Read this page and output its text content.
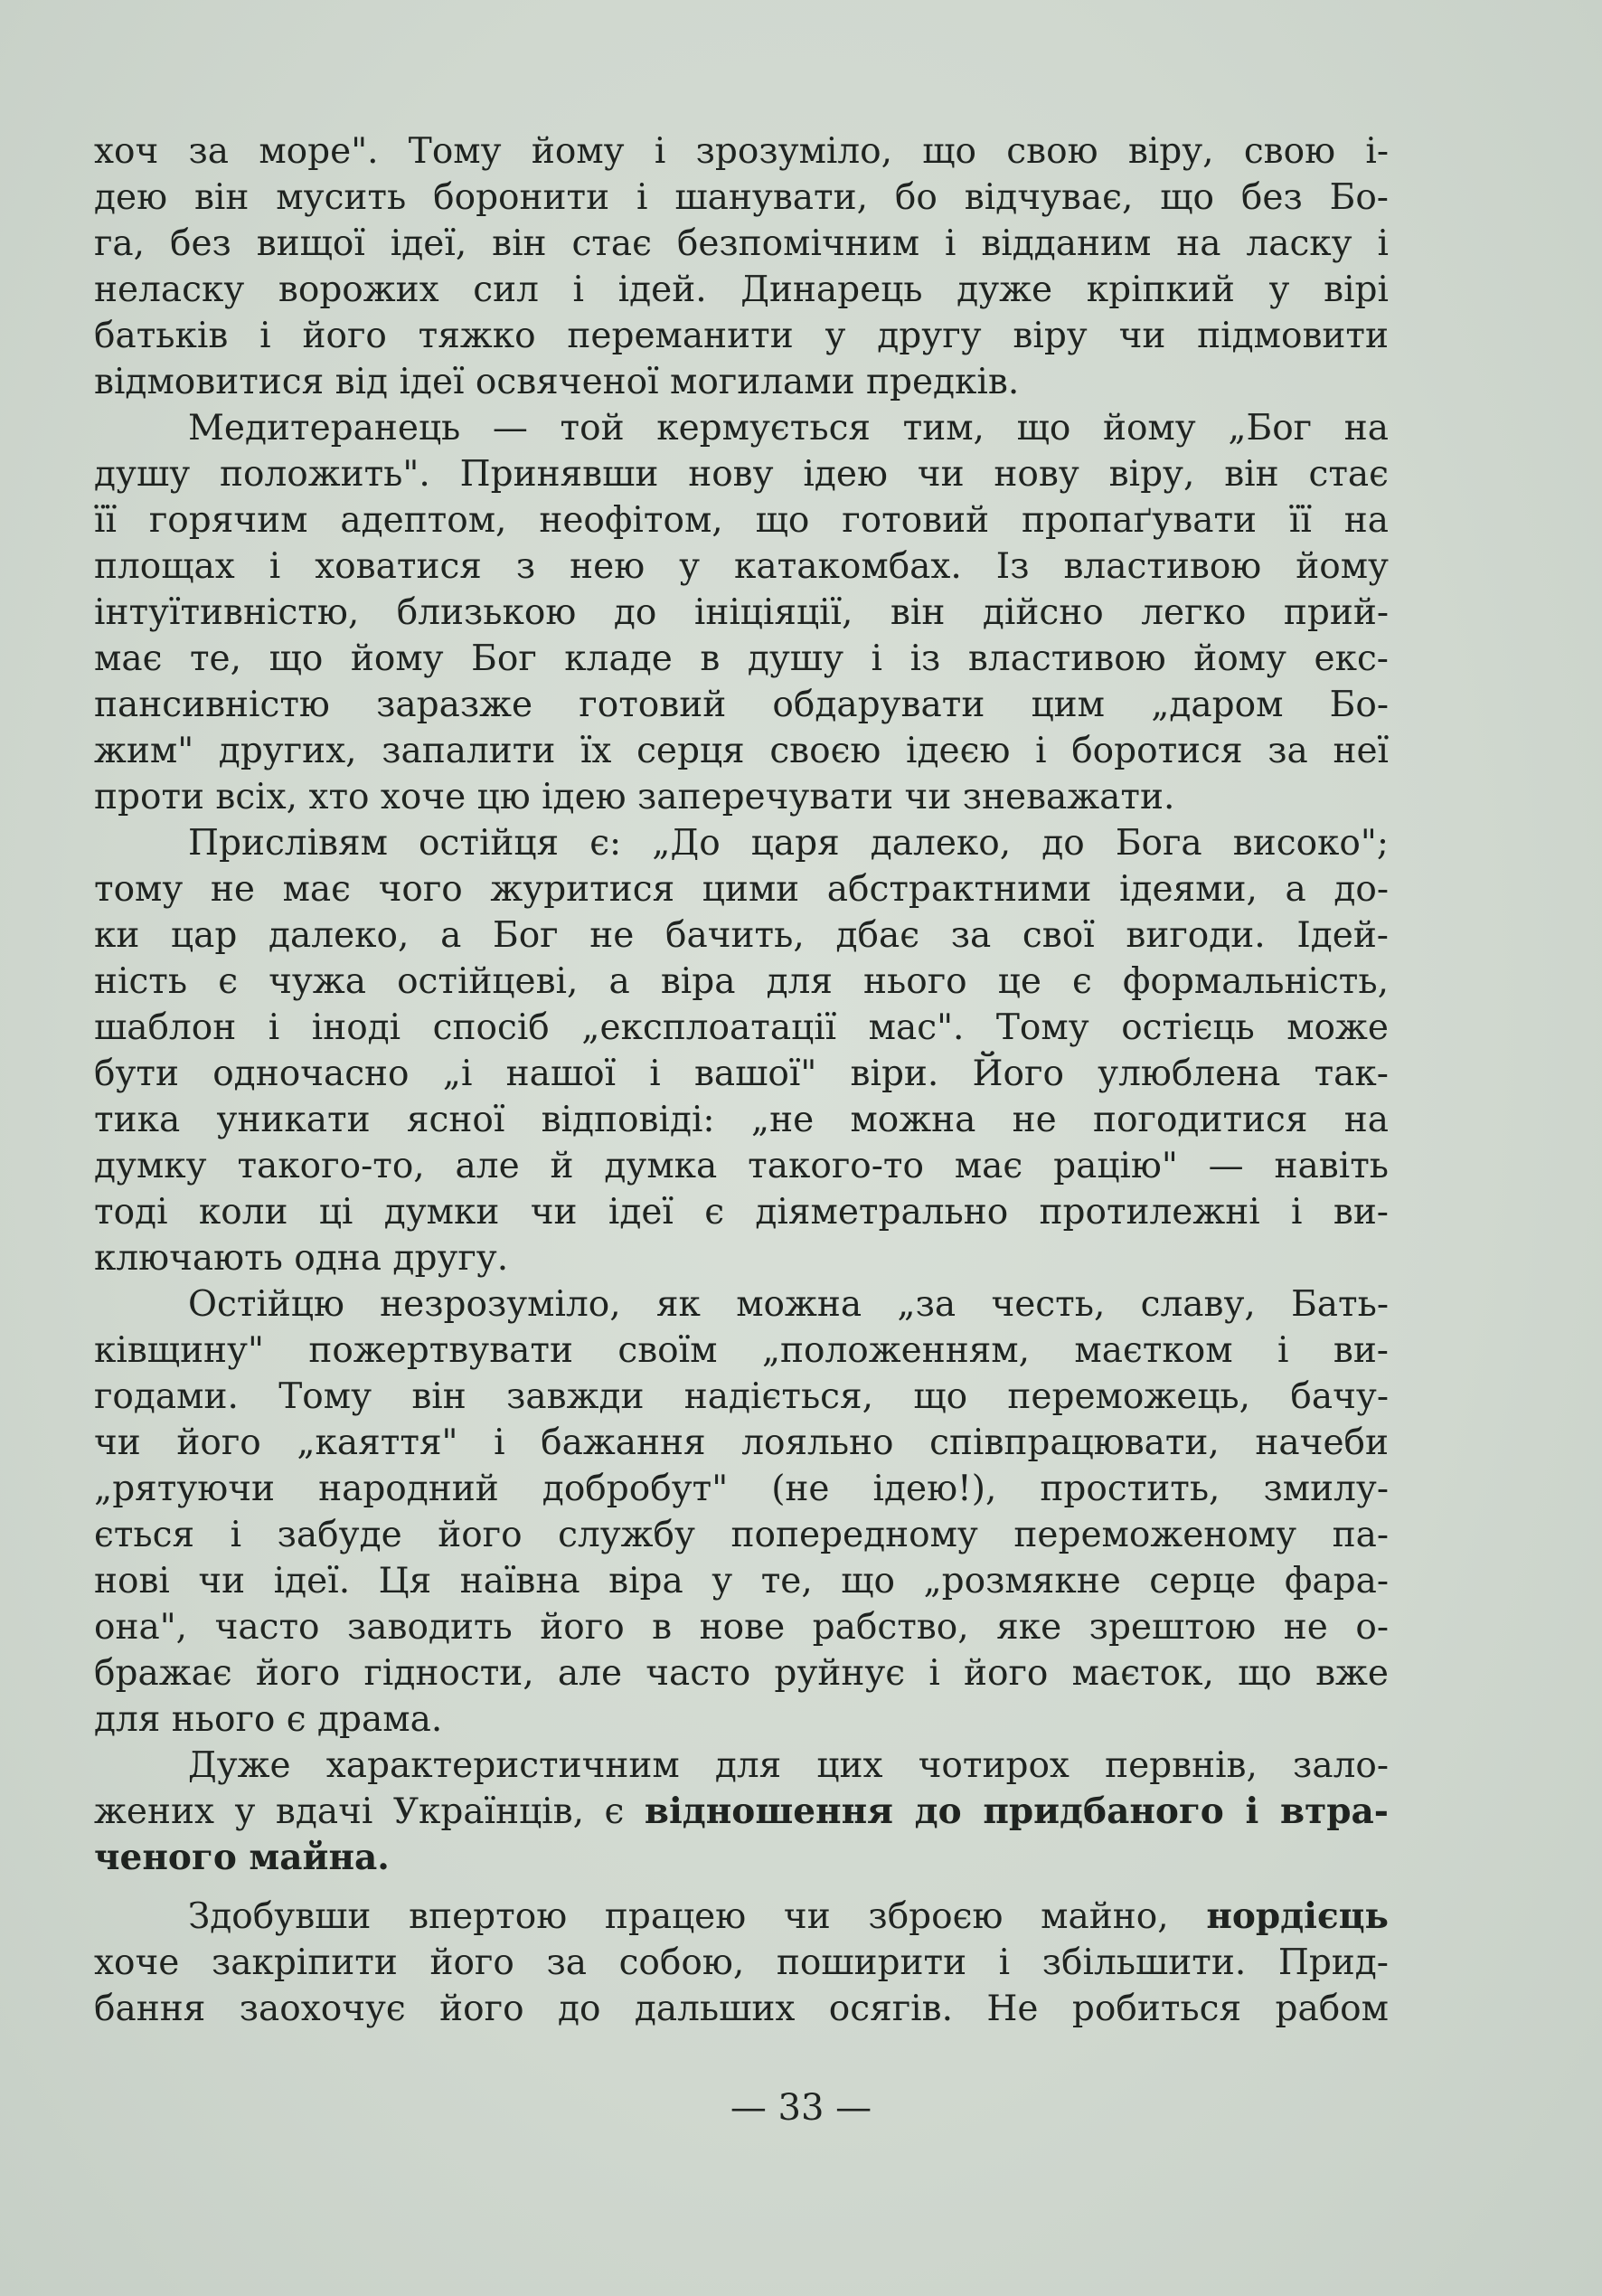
хоч за море". Тому йому і зрозуміло, що свою віру, свою і-
дею він мусить боронити і шанувати, бо відчуває, що без Бо-
га, без вищої ідеї, він стає безпомічним і відданим на ласку і
неласку ворожих сил і ідей. Динарець дуже кріпкий у вірі
батьків і його тяжко переманити у другу віру чи підмовити
відмовитися від ідеї освяченої могилами предків.
Медитеранець — той кермується тим, що йому „Бог на
душу положить". Принявши нову ідею чи нову віру, він стає
її горячим адептом, неофітом, що готовий пропаґувати її на
площах і ховатися з нею у катакомбах. Із властивою йому
інтуїтивністю, близькою до ініціяції, він дійсно легко прий-
має те, що йому Бог кладе в душу і із властивою йому екс-
пансивністю заразже готовий обдарувати цим „даром Бо-
жим" других, запалити їх серця своєю ідеєю і боротися за неї
проти всіх, хто хоче цю ідею заперечувати чи зневажати.
Прислівям остійця є: „До царя далеко, до Бога високо";
тому не має чого журитися цими абстрактними ідеями, а до-
ки цар далеко, а Бог не бачить, дбає за свої вигоди. Ідей-
ність є чужа остійцеві, а віра для нього це є формальність,
шаблон і іноді спосіб „експлоатації мас". Тому остієць може
бути одночасно „і нашої і вашої" віри. Його улюблена так-
тика уникати ясної відповіді: „не можна не погодитися на
думку такого-то, але й думка такого-то має рацію" — навіть
тоді коли ці думки чи ідеї є діяметрально протилежні і ви-
ключають одна другу.
Остійцю незрозуміло, як можна „за честь, славу, Бать-
ківщину" пожертвувати своїм „положенням, маєтком і ви-
годами. Тому він завжди надіється, що переможець, бачу-
чи його „каяття" і бажання лояльно співпрацювати, начеби
„рятуючи народний добробут" (не ідею!), простить, змилу-
ється і забуде його службу попередному переможеному па-
нові чи ідеї. Ця наївна віра у те, що „розмякне серце фара-
она", часто заводить його в нове рабство, яке зрештою не о-
бражає його гідности, але часто руйнує і його маєток, що вже
для нього є драма.
Дуже характеристичним для цих чотирох первнів, зало-
жених у вдачі Українців, є відношення до придбаного і втра-
ченого майна.
Здобувши впертою працею чи зброєю майно, нордієць
хоче закріпити його за собою, поширити і збільшити. Прид-
бання заохочує його до дальших осягів. Не робиться рабом
— 33 —
